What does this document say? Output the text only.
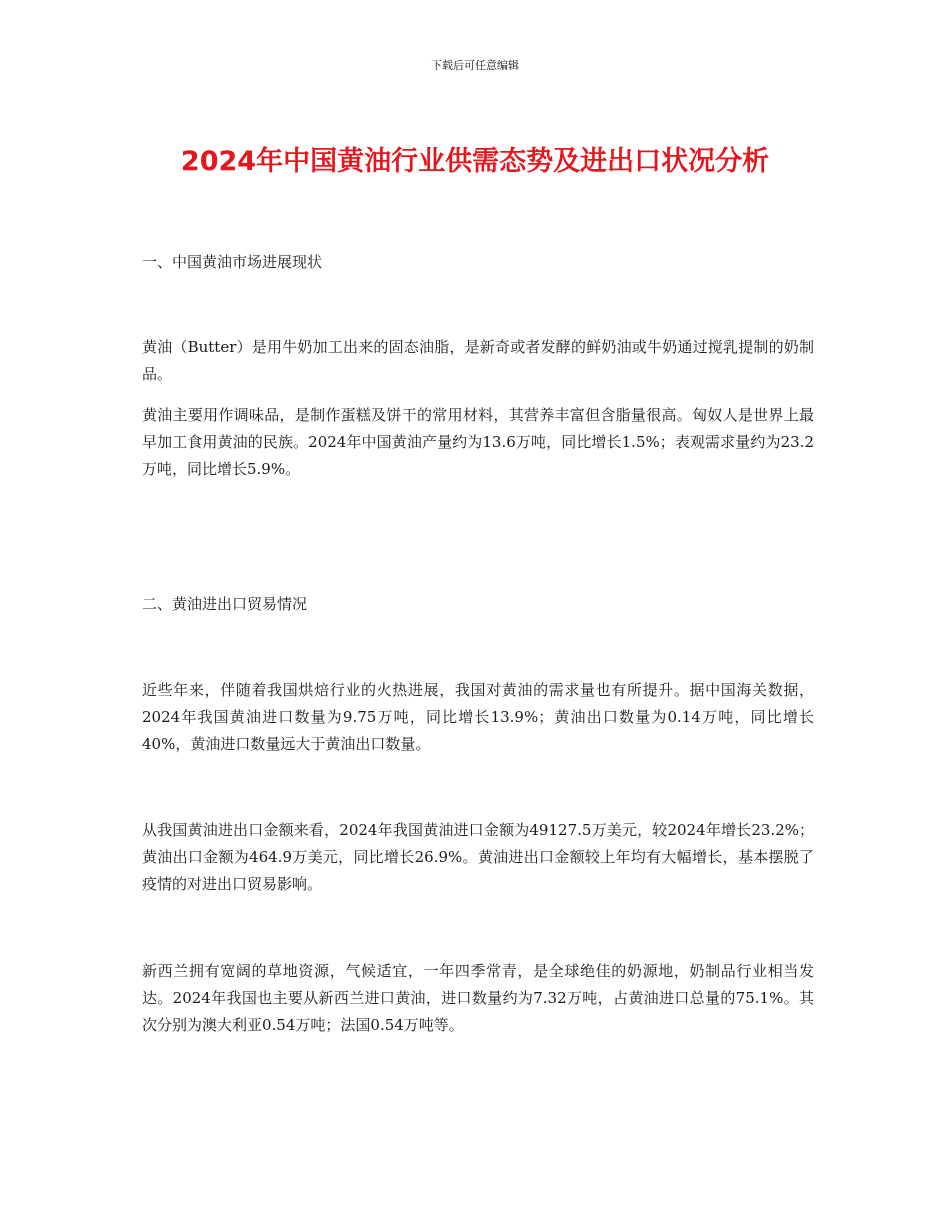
下载后可任意编辑
2024年中国黄油行业供需态势及进出口状况分析
一、中国黄油市场进展现状

黄油（Butter）是用牛奶加工出来的固态油脂，是新奇或者发酵的鲜奶油或牛奶通过搅乳提制的奶制品。

黄油主要用作调味品，是制作蛋糕及饼干的常用材料，其营养丰富但含脂量很高。匈奴人是世界上最早加工食用黄油的民族。2024年中国黄油产量约为13.6万吨，同比增长1.5%；表观需求量约为23.2万吨，同比增长5.9%。

二、黄油进出口贸易情况

近些年来，伴随着我国烘焙行业的火热进展，我国对黄油的需求量也有所提升。据中国海关数据，2024年我国黄油进口数量为9.75万吨，同比增长13.9%；黄油出口数量为0.14万吨，同比增长40%，黄油进口数量远大于黄油出口数量。

从我国黄油进出口金额来看，2024年我国黄油进口金额为49127.5万美元，较2024年增长23.2%；黄油出口金额为464.9万美元，同比增长26.9%。黄油进出口金额较上年均有大幅增长，基本摆脱了疫情的对进出口贸易影响。

新西兰拥有宽阔的草地资源，气候适宜，一年四季常青，是全球绝佳的奶源地，奶制品行业相当发达。2024年我国也主要从新西兰进口黄油，进口数量约为7.32万吨，占黄油进口总量的75.1%。其次分别为澳大利亚0.54万吨；法国0.54万吨等。
